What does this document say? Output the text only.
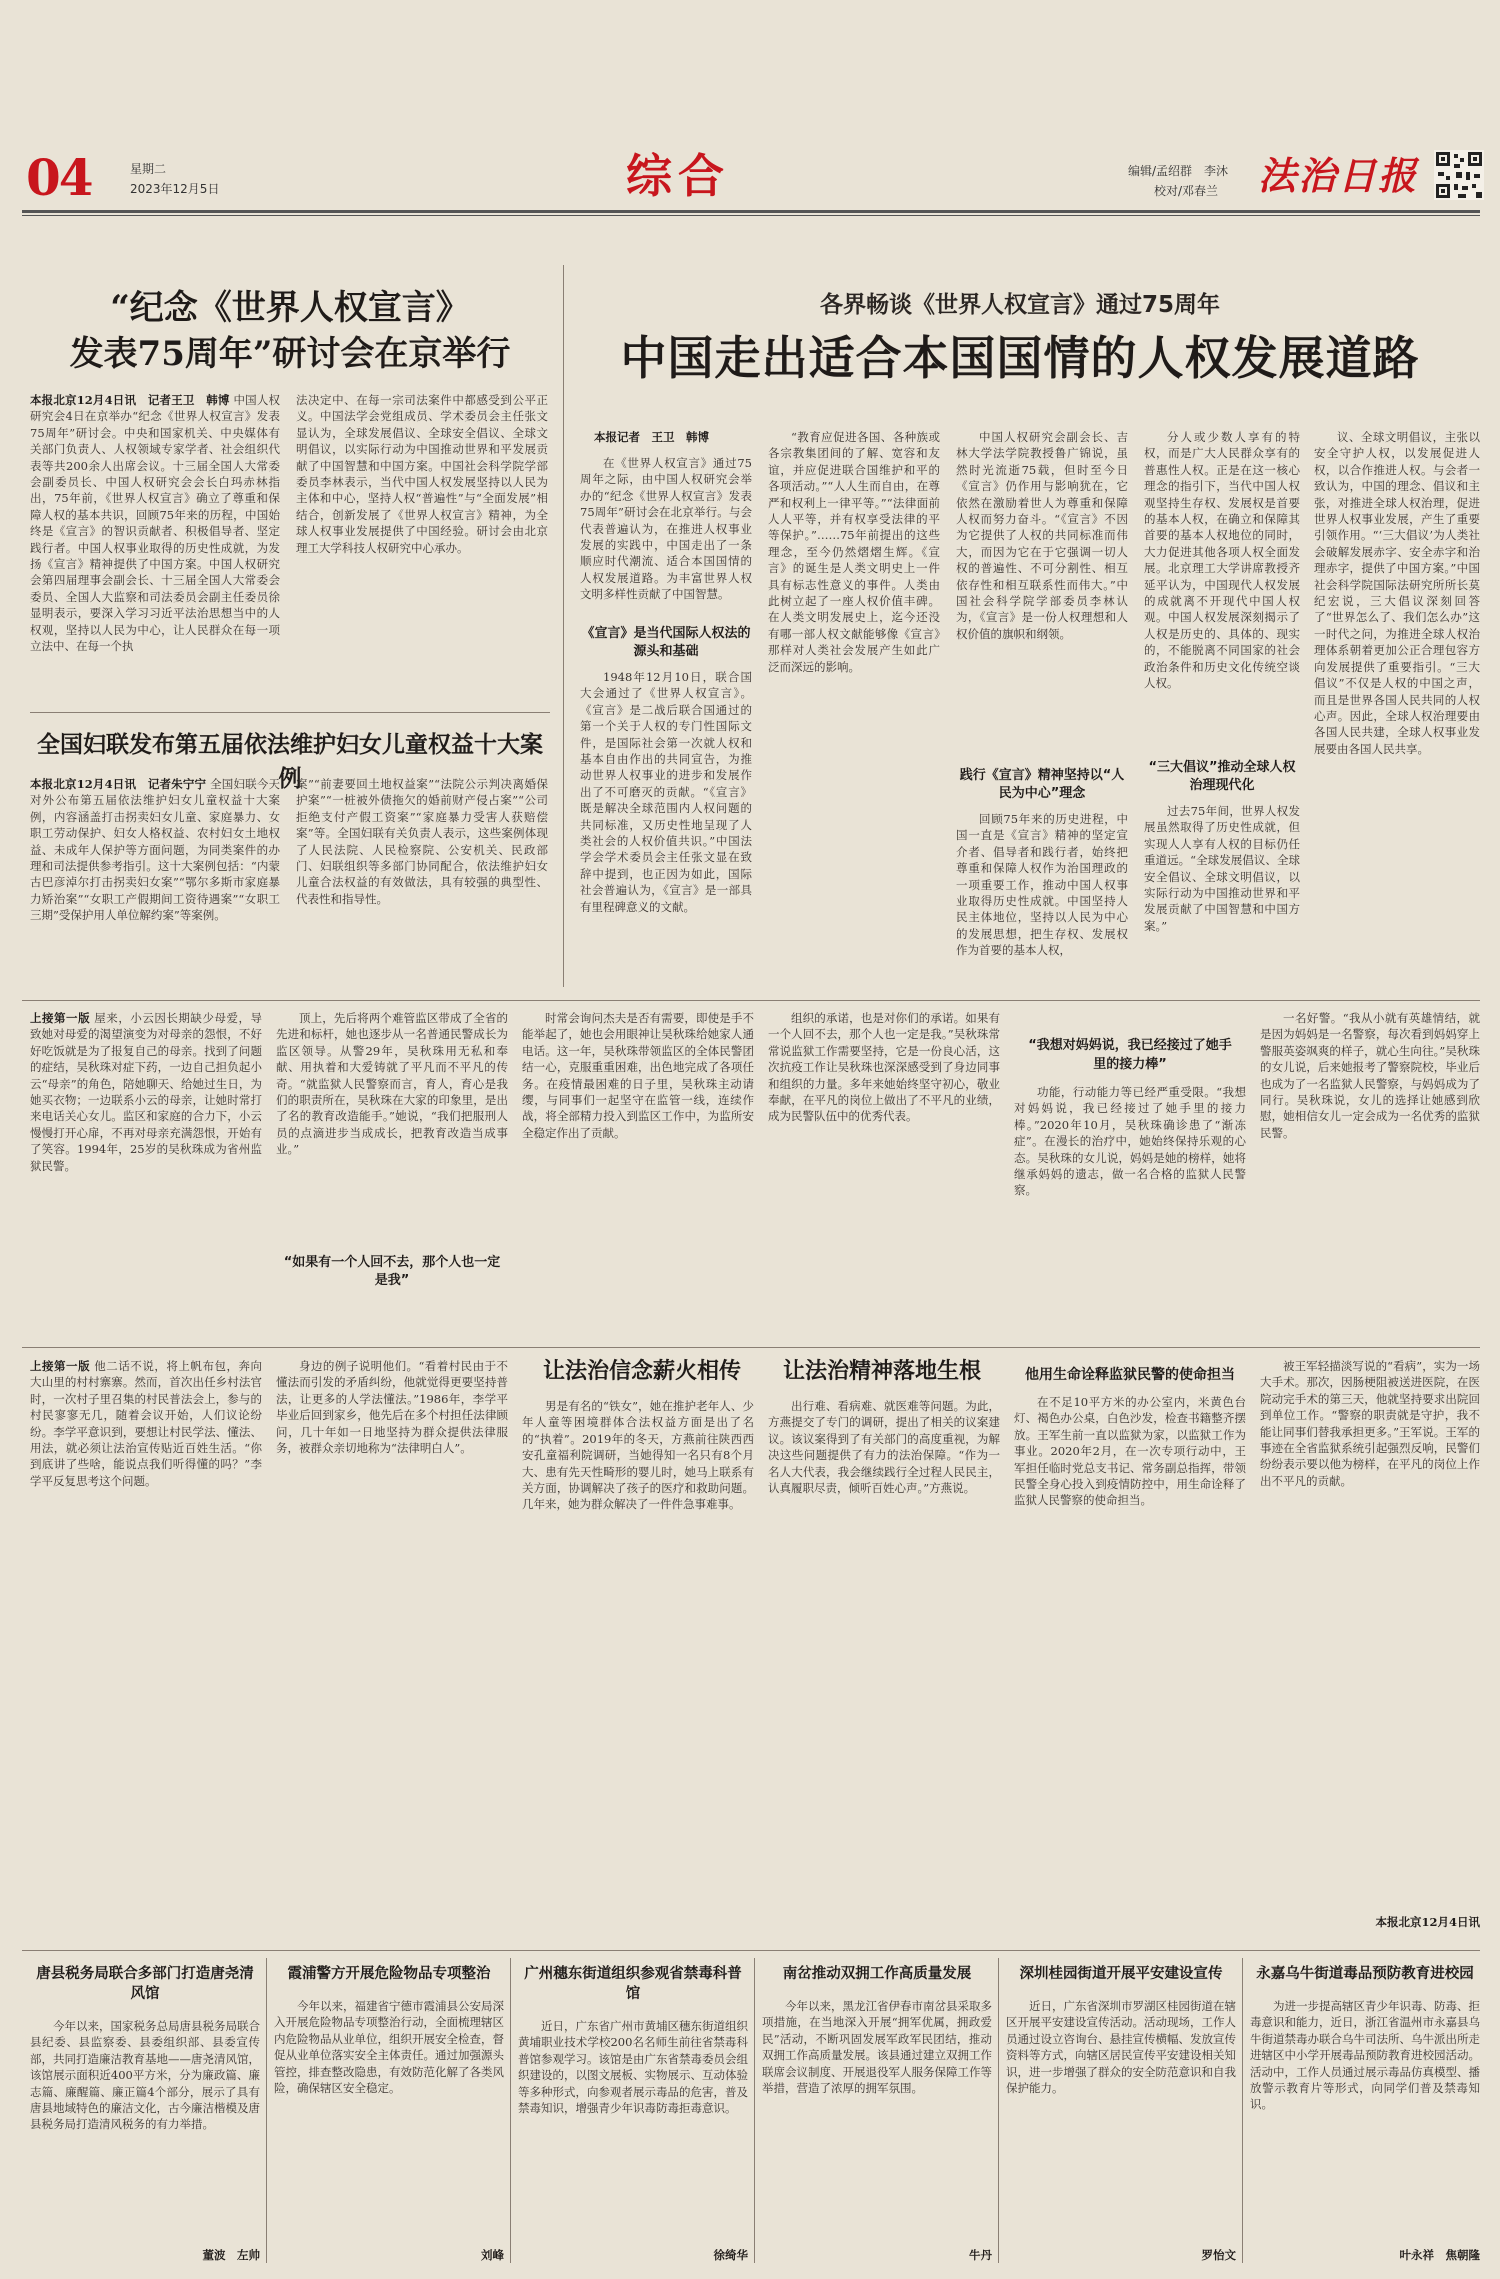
04	星期二
2023年12月5日	综合	编辑/孟绍群　李沐
校对/邓春兰 法治日报
“纪念《世界人权宣言》
发表75周年”研讨会在京举行
本报北京12月4日讯　记者王卫　韩博 中国人权研究会4日在京举办“纪念《世界人权宣言》发表75周年”研讨会。中央和国家机关、中央媒体有关部门负责人、人权领域专家学者、社会组织代表等共200余人出席会议。十三届全国人大常委会副委员长、中国人权研究会会长白玛赤林指出，75年前，《世界人权宣言》确立了尊重和保障人权的基本共识，回顾75年来的历程，中国始终是《宣言》的智识贡献者、积极倡导者、坚定践行者。中国人权事业取得的历史性成就，为发扬《宣言》精神提供了中国方案。中国人权研究会第四届理事会副会长、十三届全国人大常委会委员、全国人大监察和司法委员会副主任委员徐显明表示，要深入学习习近平法治思想当中的人权观，坚持以人民为中心，让人民群众在每一项立法中、在每一个执
法决定中、在每一宗司法案件中都感受到公平正义。中国法学会党组成员、学术委员会主任张文显认为，全球发展倡议、全球安全倡议、全球文明倡议，以实际行动为中国推动世界和平发展贡献了中国智慧和中国方案。中国社会科学院学部委员李林表示，当代中国人权发展坚持以人民为主体和中心，坚持人权“普遍性”与“全面发展”相结合，创新发展了《世界人权宣言》精神，为全球人权事业发展提供了中国经验。研讨会由北京理工大学科技人权研究中心承办。
全国妇联发布第五届依法维护妇女儿童权益十大案例
本报北京12月4日讯　记者朱宁宁 全国妇联今天对外公布第五届依法维护妇女儿童权益十大案例，内容涵盖打击拐卖妇女儿童、家庭暴力、女职工劳动保护、妇女人格权益、农村妇女土地权益、未成年人保护等方面问题，为同类案件的办理和司法提供参考指引。这十大案例包括：“内蒙古巴彦淖尔打击拐卖妇女案”“鄂尔多斯市家庭暴力矫治案”“女职工产假期间工资待遇案”“女职工三期”受保护用人单位解约案”等案例。
案”“前妻要回土地权益案”“法院公示判决离婚保护案”“一桩被外债拖欠的婚前财产侵占案”“公司拒绝支付产假工资案”“家庭暴力受害人获赔偿案”等。全国妇联有关负责人表示，这些案例体现了人民法院、人民检察院、公安机关、民政部门、妇联组织等多部门协同配合，依法维护妇女儿童合法权益的有效做法，具有较强的典型性、代表性和指导性。
各界畅谈《世界人权宣言》通过75周年
中国走出适合本国国情的人权发展道路
本报记者　王卫　韩博
在《世界人权宣言》通过75周年之际，由中国人权研究会举办的“纪念《世界人权宣言》发表75周年”研讨会在北京举行。与会代表普遍认为，在推进人权事业发展的实践中，中国走出了一条顺应时代潮流、适合本国国情的人权发展道路。为丰富世界人权文明多样性贡献了中国智慧。
《宣言》是当代国际人权法的源头和基础
1948年12月10日，联合国大会通过了《世界人权宣言》。《宣言》是二战后联合国通过的第一个关于人权的专门性国际文件，是国际社会第一次就人权和基本自由作出的共同宣告，为推动世界人权事业的进步和发展作出了不可磨灭的贡献。“《宣言》既是解决全球范围内人权问题的共同标准，又历史性地呈现了人类社会的人权价值共识。”中国法学会学术委员会主任张文显在致辞中提到，也正因为如此，国际社会普遍认为，《宣言》是一部具有里程碑意义的文献。
“教育应促进各国、各种族或各宗教集团间的了解、宽容和友谊，并应促进联合国维护和平的各项活动。”“人人生而自由，在尊严和权利上一律平等。”“法律面前人人平等，并有权享受法律的平等保护。”……75年前提出的这些理念，至今仍然熠熠生辉。《宣言》的诞生是人类文明史上一件具有标志性意义的事件。人类由此树立起了一座人权价值丰碑。在人类文明发展史上，迄今还没有哪一部人权文献能够像《宣言》那样对人类社会发展产生如此广泛而深远的影响。
中国人权研究会副会长、吉林大学法学院教授鲁广锦说，虽然时光流逝75载，但时至今日《宣言》仍作用与影响犹在，它依然在激励着世人为尊重和保障人权而努力奋斗。“《宣言》不因为它提供了人权的共同标准而伟大，而因为它在于它强调一切人权的普遍性、不可分割性、相互依存性和相互联系性而伟大。”中国社会科学院学部委员李林认为，《宣言》是一份人权理想和人权价值的旗帜和纲领。
践行《宣言》精神坚持以“人民为中心”理念
回顾75年来的历史进程，中国一直是《宣言》精神的坚定宣介者、倡导者和践行者，始终把尊重和保障人权作为治国理政的一项重要工作，推动中国人权事业取得历史性成就。中国坚持人民主体地位，坚持以人民为中心的发展思想，把生存权、发展权作为首要的基本人权，
分人或少数人享有的特权，而是广大人民群众享有的普惠性人权。正是在这一核心理念的指引下，当代中国人权观坚持生存权、发展权是首要的基本人权，在确立和保障其首要的基本人权地位的同时，大力促进其他各项人权全面发展。北京理工大学讲席教授齐延平认为，中国现代人权发展的成就离不开现代中国人权观。中国人权发展深刻揭示了人权是历史的、具体的、现实的，不能脱离不同国家的社会政治条件和历史文化传统空谈人权。
“三大倡议”推动全球人权治理现代化
过去75年间，世界人权发展虽然取得了历史性成就，但实现人人享有人权的目标仍任重道远。“全球发展倡议、全球安全倡议、全球文明倡议，以实际行动为中国推动世界和平发展贡献了中国智慧和中国方案。”
议、全球文明倡议，主张以安全守护人权，以发展促进人权，以合作推进人权。与会者一致认为，中国的理念、倡议和主张，对推进全球人权治理，促进世界人权事业发展，产生了重要引领作用。“‘三大倡议’为人类社会破解发展赤字、安全赤字和治理赤字，提供了中国方案。”中国社会科学院国际法研究所所长莫纪宏说，三大倡议深刻回答了“世界怎么了、我们怎么办”这一时代之问，为推进全球人权治理体系朝着更加公正合理包容方向发展提供了重要指引。“三大倡议”不仅是人权的中国之声，而且是世界各国人民共同的人权心声。因此，全球人权治理要由各国人民共建，全球人权事业发展要由各国人民共享。
上接第一版 屋来，小云因长期缺少母爱，导致她对母爱的渴望演变为对母亲的怨恨，不好好吃饭就是为了报复自己的母亲。找到了问题的症结，吴秋珠对症下药，一边自己担负起小云“母亲”的角色，陪她聊天、给她过生日，为她买衣物；一边联系小云的母亲，让她时常打来电话关心女儿。监区和家庭的合力下，小云慢慢打开心扉，不再对母亲充满怨恨，开始有了笑容。1994年，25岁的吴秋珠成为省州监狱民警。
顶上，先后将两个难管监区带成了全省的先进和标杆，她也逐步从一名普通民警成长为监区领导。从警29年，吴秋珠用无私和奉献、用执着和大爱铸就了平凡而不平凡的传奇。“就监狱人民警察而言，育人，育心是我们的职责所在，吴秋珠在大家的印象里，是出了名的教育改造能手。”她说，“我们把服刑人员的点滴进步当成成长，把教育改造当成事业。”
“如果有一个人回不去，那个人也一定是我”
时常会询问杰夫是否有需要，即使是手不能举起了，她也会用眼神让吴秋珠给她家人通电话。这一年，吴秋珠带领监区的全体民警团结一心，克服重重困难，出色地完成了各项任务。在疫情最困难的日子里，吴秋珠主动请缨，与同事们一起坚守在监管一线，连续作战，将全部精力投入到监区工作中，为监所安全稳定作出了贡献。
组织的承诺，也是对你们的承诺。如果有一个人回不去，那个人也一定是我。”吴秋珠常常说监狱工作需要坚持，它是一份良心活，这次抗疫工作让吴秋珠也深深感受到了身边同事和组织的力量。多年来她始终坚守初心，敬业奉献，在平凡的岗位上做出了不平凡的业绩，成为民警队伍中的优秀代表。
“我想对妈妈说，我已经接过了她手里的接力棒”
功能，行动能力等已经严重受限。“我想对妈妈说，我已经接过了她手里的接力棒。”2020年10月，吴秋珠确诊患了“渐冻症”。在漫长的治疗中，她始终保持乐观的心态。吴秋珠的女儿说，妈妈是她的榜样，她将继承妈妈的遗志，做一名合格的监狱人民警察。
一名好警。“我从小就有英雄情结，就是因为妈妈是一名警察，每次看到妈妈穿上警服英姿飒爽的样子，就心生向往。”吴秋珠的女儿说，后来她报考了警察院校，毕业后也成为了一名监狱人民警察，与妈妈成为了同行。吴秋珠说，女儿的选择让她感到欣慰，她相信女儿一定会成为一名优秀的监狱民警。
上接第一版 他二话不说，将上帆布包，奔向大山里的村村寨寨。然而，首次出任乡村法官时，一次村子里召集的村民普法会上，参与的村民寥寥无几，随着会议开始，人们议论纷纷。李学平意识到，要想让村民学法、懂法、用法，就必须让法治宣传贴近百姓生活。“你到底讲了些啥，能说点我们听得懂的吗？”李学平反复思考这个问题。
身边的例子说明他们。“看着村民由于不懂法而引发的矛盾纠纷，他就觉得更要坚持普法，让更多的人学法懂法。”1986年，李学平毕业后回到家乡，他先后在多个村担任法律顾问，几十年如一日地坚持为群众提供法律服务，被群众亲切地称为“法律明白人”。
让法治信念薪火相传	让法治精神落地生根
男是有名的“铁女”，她在推护老年人、少年人童等困境群体合法权益方面是出了名的“执着”。2019年的冬天，方燕前往陕西西安孔童福利院调研，当她得知一名只有8个月大、患有先天性畸形的婴儿时，她马上联系有关方面，协调解决了孩子的医疗和救助问题。几年来，她为群众解决了一件件急事难事。
出行难、看病难、就医难等问题。为此，方燕提交了专门的调研，提出了相关的议案建议。该议案得到了有关部门的高度重视，为解决这些问题提供了有力的法治保障。“作为一名人大代表，我会继续践行全过程人民民主，认真履职尽责，倾听百姓心声。”方燕说。
他用生命诠释监狱民警的使命担当
在不足10平方米的办公室内，米黄色台灯、褐色办公桌，白色沙发，检查书籍整齐摆放。王军生前一直以监狱为家，以监狱工作为事业。2020年2月，在一次专项行动中，王军担任临时党总支书记、常务副总指挥，带领民警全身心投入到疫情防控中，用生命诠释了监狱人民警察的使命担当。
被王军轻描淡写说的“看病”，实为一场大手术。那次，因肠梗阻被送进医院，在医院动完手术的第三天，他就坚持要求出院回到单位工作。“警察的职责就是守护，我不能让同事们替我承担更多。”王军说。王军的事迹在全省监狱系统引起强烈反响，民警们纷纷表示要以他为榜样，在平凡的岗位上作出不平凡的贡献。
本报北京12月4日讯
唐县税务局联合多部门打造唐尧清风馆
今年以来，国家税务总局唐县税务局联合县纪委、县监察委、县委组织部、县委宣传部，共同打造廉洁教育基地——唐尧清风馆，该馆展示面积近400平方米，分为廉政篇、廉志篇、廉醒篇、廉正篇4个部分，展示了具有唐县地域特色的廉洁文化，古今廉洁楷模及唐县税务局打造清风税务的有力举措。
董波　左帅
霞浦警方开展危险物品专项整治
今年以来，福建省宁德市霞浦县公安局深入开展危险物品专项整治行动，全面梳理辖区内危险物品从业单位，组织开展安全检查，督促从业单位落实安全主体责任。通过加强源头管控，排查整改隐患，有效防范化解了各类风险，确保辖区安全稳定。
刘峰
广州穗东街道组织参观省禁毒科普馆
近日，广东省广州市黄埔区穗东街道组织黄埔职业技术学校200名名师生前往省禁毒科普馆参观学习。该馆是由广东省禁毒委员会组织建设的，以图文展板、实物展示、互动体验等多种形式，向参观者展示毒品的危害，普及禁毒知识，增强青少年识毒防毒拒毒意识。
徐绮华
南岔推动双拥工作高质量发展
今年以来，黑龙江省伊春市南岔县采取多项措施，在当地深入开展“拥军优属，拥政爱民”活动，不断巩固发展军政军民团结，推动双拥工作高质量发展。该县通过建立双拥工作联席会议制度、开展退役军人服务保障工作等举措，营造了浓厚的拥军氛围。
牛丹
深圳桂园街道开展平安建设宣传
近日，广东省深圳市罗湖区桂园街道在辖区开展平安建设宣传活动。活动现场，工作人员通过设立咨询台、悬挂宣传横幅、发放宣传资料等方式，向辖区居民宣传平安建设相关知识，进一步增强了群众的安全防范意识和自我保护能力。
罗怡文
永嘉乌牛街道毒品预防教育进校园
为进一步提高辖区青少年识毒、防毒、拒毒意识和能力，近日，浙江省温州市永嘉县乌牛街道禁毒办联合乌牛司法所、乌牛派出所走进辖区中小学开展毒品预防教育进校园活动。活动中，工作人员通过展示毒品仿真模型、播放警示教育片等形式，向同学们普及禁毒知识。
叶永祥　焦朝隆
